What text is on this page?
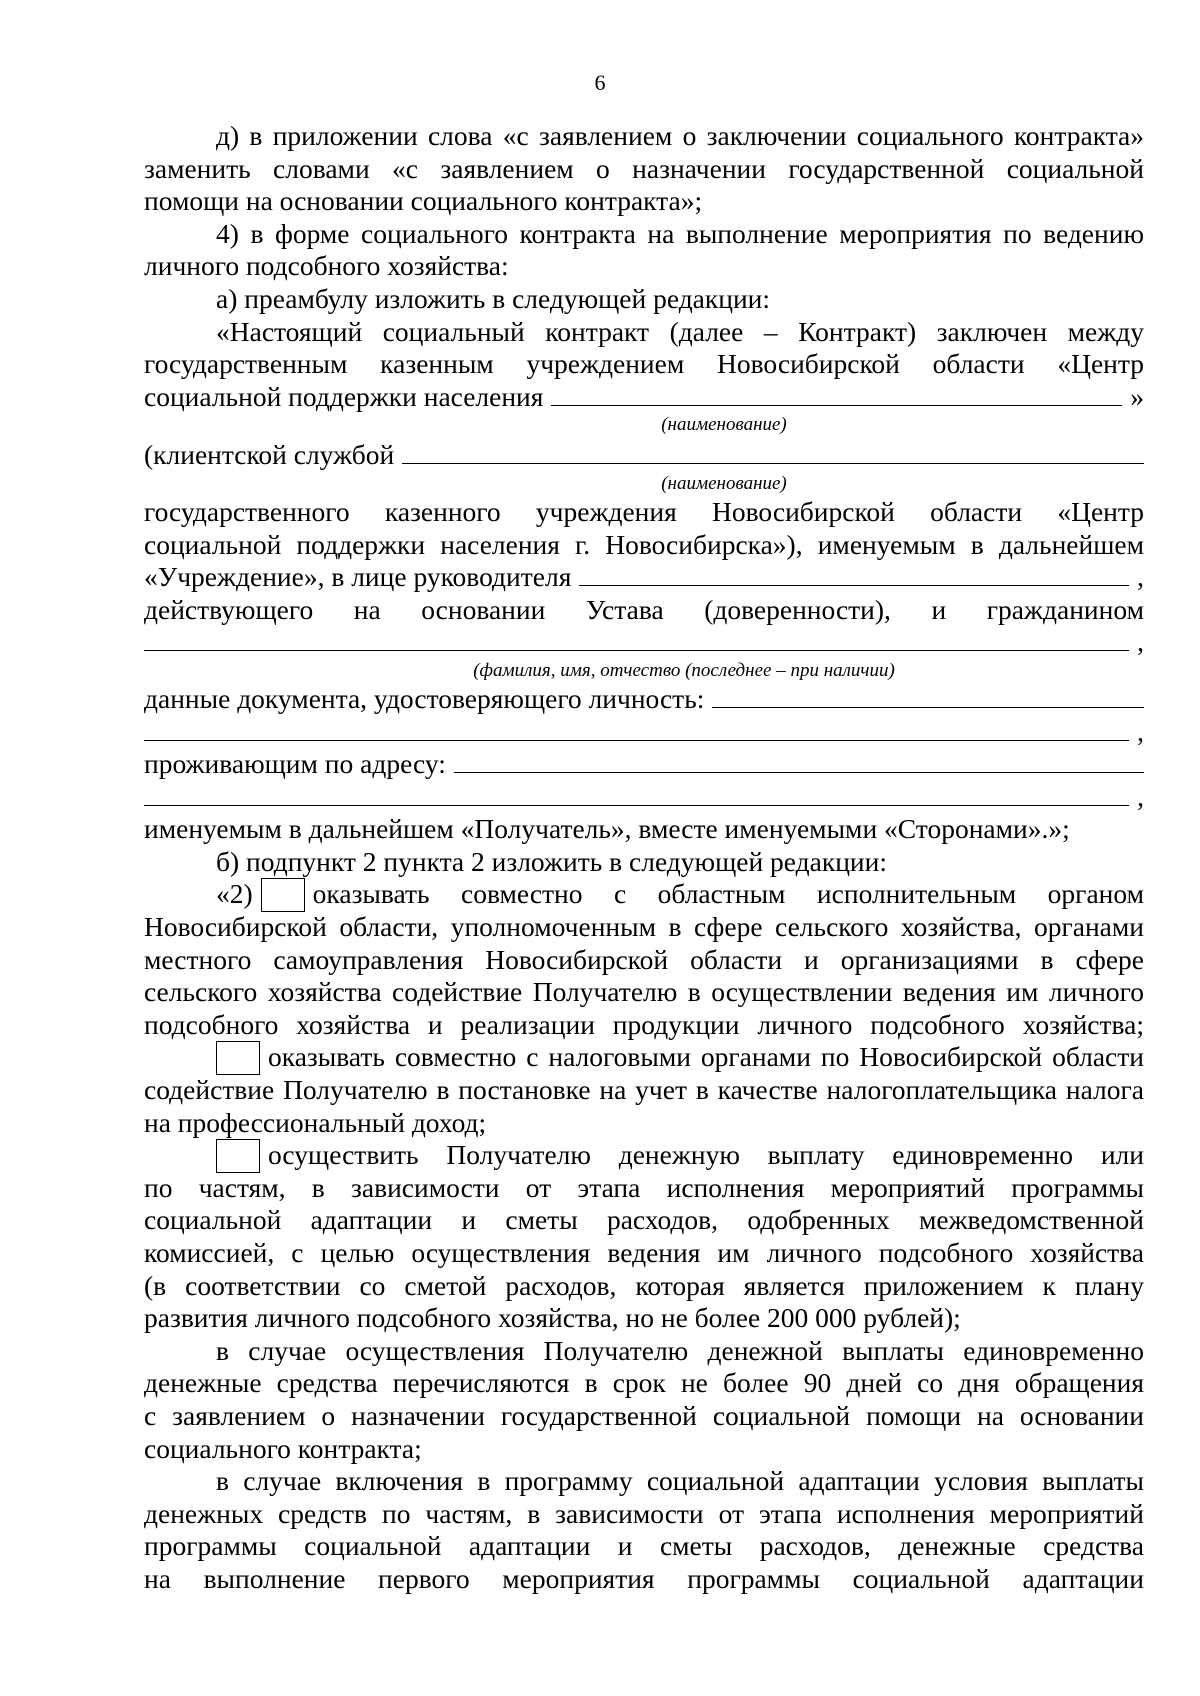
6
д) в приложении слова «с заявлением о заключении социального контракта»
заменить словами «с заявлением о назначении государственной социальной
помощи на основании социального контракта»;
4) в форме социального контракта на выполнение мероприятия по ведению
личного подсобного хозяйства:
а) преамбулу изложить в следующей редакции:
«Настоящий социальный контракт (далее – Контракт) заключен между
государственным казенным учреждением Новосибирской области «Центр
социальной поддержки населения	»
(наименование)
(клиентской службой
(наименование)
государственного казенного учреждения Новосибирской области «Центр
социальной поддержки населения г. Новосибирска»), именуемым в дальнейшем
«Учреждение», в лице руководителя	,
действующего на основании Устава (доверенности), и гражданином
,
(фамилия, имя, отчество (последнее – при наличии)
данные документа, удостоверяющего личность:
,
проживающим по адресу:
,
именуемым в дальнейшем «Получатель», вместе именуемыми «Сторонами».»;
б) подпункт 2 пункта 2 изложить в следующей редакции:
«2) оказывать совместно с областным исполнительным органом
Новосибирской области, уполномоченным в сфере сельского хозяйства, органами
местного самоуправления Новосибирской области и организациями в сфере
сельского хозяйства содействие Получателю в осуществлении ведения им личного
подсобного хозяйства и реализации продукции личного подсобного хозяйства;
оказывать совместно с налоговыми органами по Новосибирской области
содействие Получателю в постановке на учет в качестве налогоплательщика налога
на профессиональный доход;
осуществить Получателю денежную выплату единовременно или
по частям, в зависимости от этапа исполнения мероприятий программы
социальной адаптации и сметы расходов, одобренных межведомственной
комиссией, с целью осуществления ведения им личного подсобного хозяйства
(в соответствии со сметой расходов, которая является приложением к плану
развития личного подсобного хозяйства, но не более 200 000 рублей);
в случае осуществления Получателю денежной выплаты единовременно
денежные средства перечисляются в срок не более 90 дней со дня обращения
с заявлением о назначении государственной социальной помощи на основании
социального контракта;
в случае включения в программу социальной адаптации условия выплаты
денежных средств по частям, в зависимости от этапа исполнения мероприятий
программы социальной адаптации и сметы расходов, денежные средства
на выполнение первого мероприятия программы социальной адаптации
